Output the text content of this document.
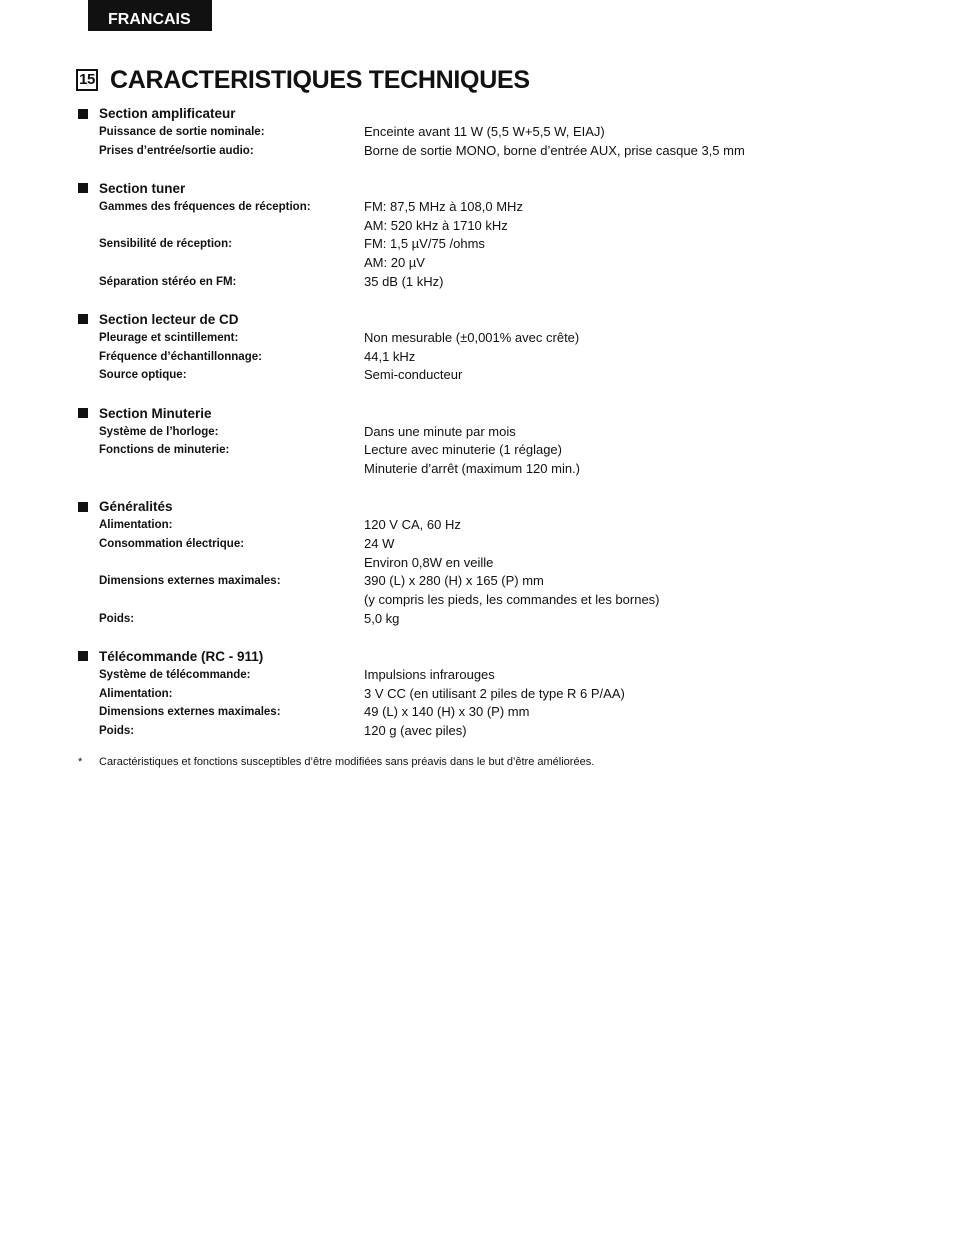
FRANCAIS
15 CARACTERISTIQUES TECHNIQUES
Section amplificateur
Puissance de sortie nominale:	Enceinte avant 11 W (5,5 W+5,5 W, EIAJ)
Prises d’entrée/sortie audio:	Borne de sortie MONO, borne d’entrée AUX, prise casque 3,5 mm
Section tuner
Gammes des fréquences de réception:	FM: 87,5 MHz à 108,0 MHz
AM: 520 kHz à 1710 kHz
Sensibilité de réception:	FM: 1,5 µV/75 /ohms
AM: 20 µV
Séparation stéréo en FM:	35 dB (1 kHz)
Section lecteur de CD
Pleurage et scintillement:	Non mesurable (±0,001% avec crête)
Fréquence d’échantillonnage:	44,1 kHz
Source optique:	Semi-conducteur
Section Minuterie
Système de l’horloge:	Dans une minute par mois
Fonctions de minuterie:	Lecture avec minuterie (1 réglage)
Minuterie d’arrêt (maximum 120 min.)
Généralités
Alimentation:	120 V CA, 60 Hz
Consommation électrique:	24 W
Environ 0,8W en veille
Dimensions externes maximales:	390 (L) x 280 (H) x 165 (P) mm
(y compris les pieds, les commandes et les bornes)
Poids:	5,0 kg
Télécommande (RC - 911)
Système de télécommande:	Impulsions infrarouges
Alimentation:	3 V CC (en utilisant 2 piles de type R 6 P/AA)
Dimensions externes maximales:	49 (L) x 140 (H) x 30 (P) mm
Poids:	120 g (avec piles)
*	Caractéristiques et fonctions susceptibles d’être modifiées sans préavis dans le but d’être améliorées.
